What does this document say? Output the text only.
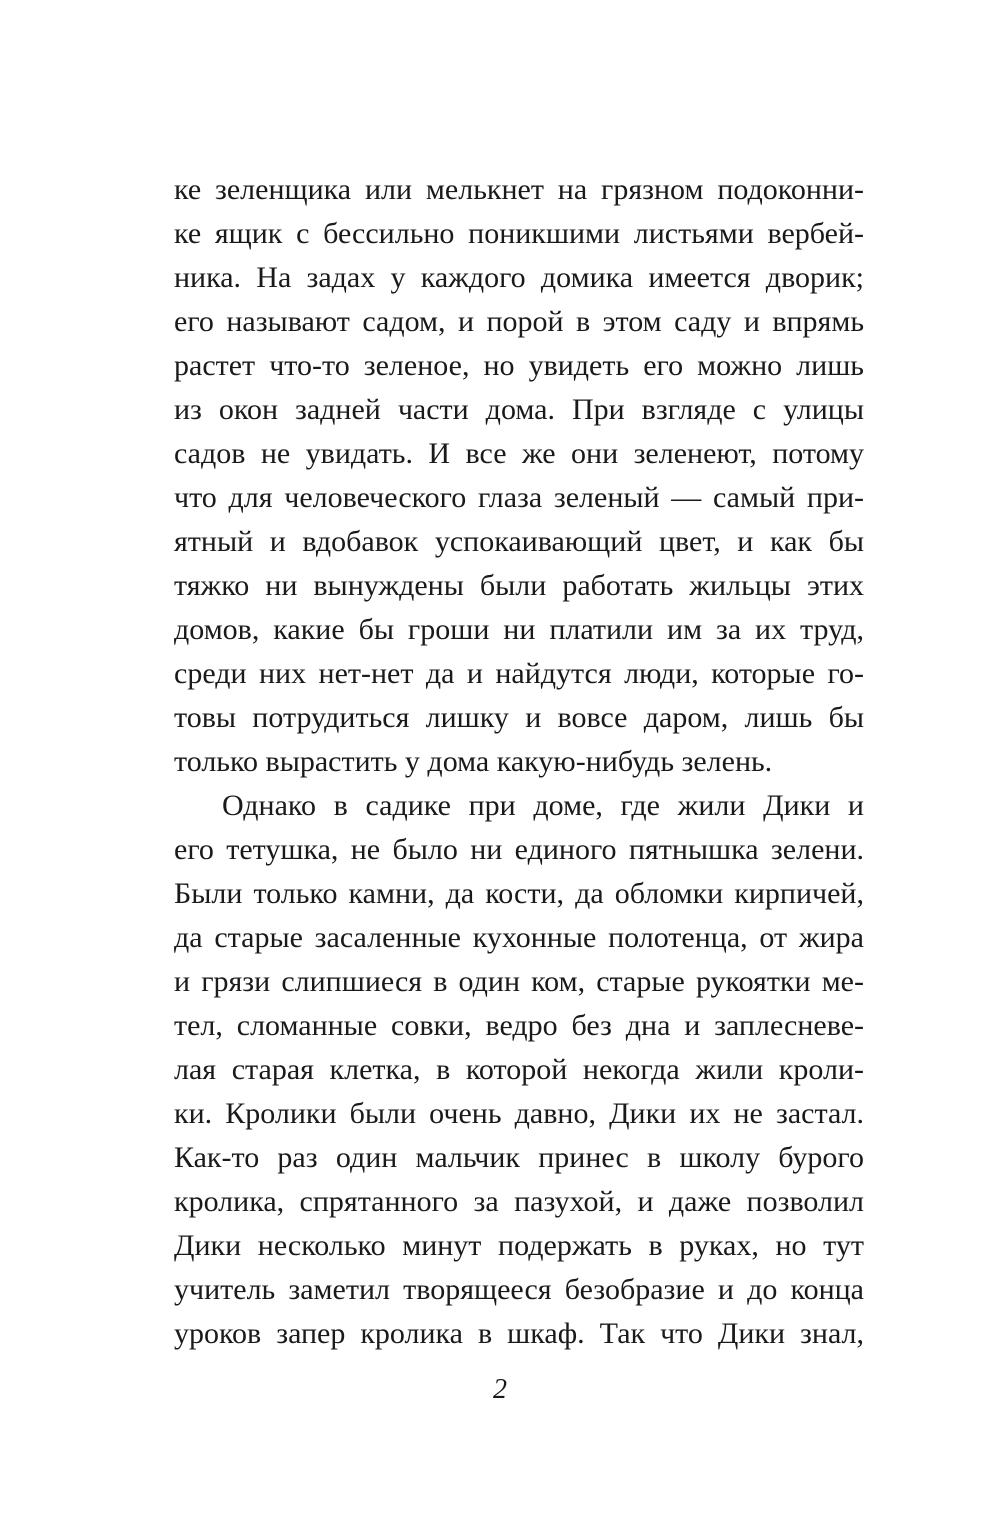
ке зеленщика или мелькнет на грязном подоконни-
ке ящик с бессильно поникшими листьями вербей-
ника. На задах у каждого домика имеется дворик;
его называют садом, и порой в этом саду и впрямь
растет что-то зеленое, но увидеть его можно лишь
из окон задней части дома. При взгляде с улицы
садов не увидать. И все же они зеленеют, потому
что для человеческого глаза зеленый — самый при-
ятный и вдобавок успокаивающий цвет, и как бы
тяжко ни вынуждены были работать жильцы этих
домов, какие бы гроши ни платили им за их труд,
среди них нет-нет да и найдутся люди, которые го-
товы потрудиться лишку и вовсе даром, лишь бы
только вырастить у дома какую-нибудь зелень.
Однако в садике при доме, где жили Дики и
его тетушка, не было ни единого пятнышка зелени.
Были только камни, да кости, да обломки кирпичей,
да старые засаленные кухонные полотенца, от жира
и грязи слипшиеся в один ком, старые рукоятки ме-
тел, сломанные совки, ведро без дна и заплесневе-
лая старая клетка, в которой некогда жили кроли-
ки. Кролики были очень давно, Дики их не застал.
Как-то раз один мальчик принес в школу бурого
кролика, спрятанного за пазухой, и даже позволил
Дики несколько минут подержать в руках, но тут
учитель заметил творящееся безобразие и до конца
уроков запер кролика в шкаф. Так что Дики знал,
2
